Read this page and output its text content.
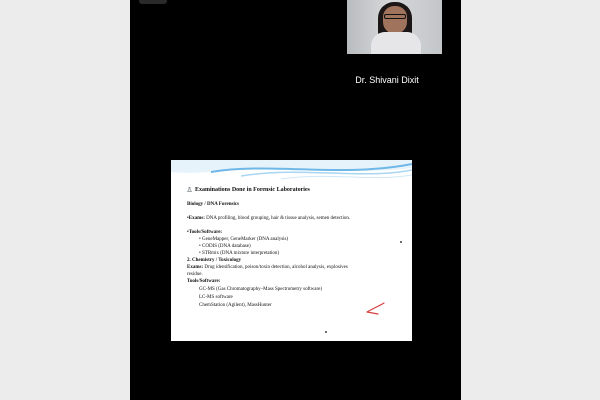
Dr. Shivani Dixit
Examinations Done in Forensic Laboratories
Biology / DNA Forensics
•Exams: DNA profiling, blood grouping, hair & tissue analysis, semen detection.
•Tools/Software:
• GeneMapper, GeneMarker (DNA analysis)
• CODIS (DNA database)
• STRmix (DNA mixture interpretation)
2. Chemistry / Toxicology
Exams: Drug identification, poison/toxin detection, alcohol analysis, explosives
residue.
Tools/Software:
GC-MS (Gas Chromatography–Mass Spectrometry software)
LC-MS software
ChemStation (Agilent), MassHunter
